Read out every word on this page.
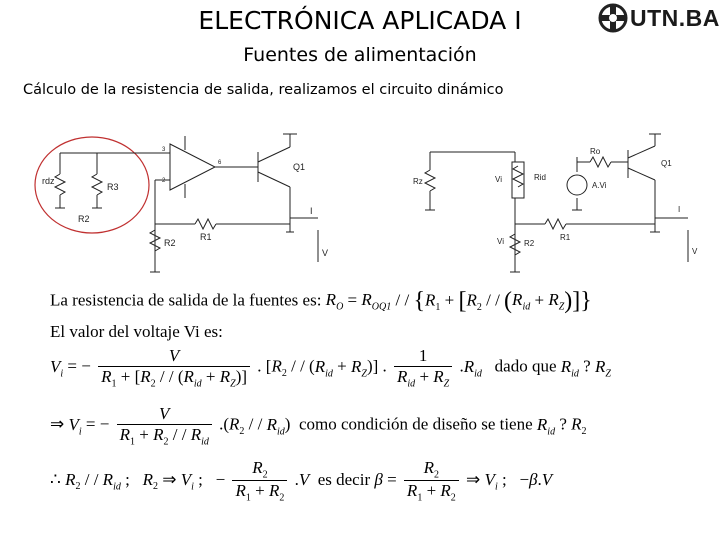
ELECTRÓNICA APLICADA I
Fuentes de alimentación
UTN.BA
Cálculo de la resistencia de salida, realizamos el circuito dinámico
rdz
R3
R2
R2
R1
Q1
I
V
3
2
6
Rz	Vi	Rid
Vi	R2
R1
Ro
A.Vi
Q1
I
V
La resistencia de salida de la fuentes es: $R_O = R_{OQ1}$ / / {$R_1 + [R_2$ / / $(R_{id} + R_Z)$]}
El valor del voltaje Vi es:
$V_i$ = − $\frac{V}{R_1 + [R_2 / / (R_{id} + R_Z)]}$ . [$R_2$ / / $(R_{id} + R_Z)$] . $\frac{1}{R_{id} + R_Z} .R_{id}$ dado que $R_{id}$ ? $R_Z$
⇒ $V_i$ = − $\frac{V}{R_1 + R_2 / / R_{id}} .(R_2$ / / $R_{id}$)  como condición de diseño se tiene $R_{id}$ ? $R_2$
∴ $R_2$ / / $R_{id}$ ;   $R_2$ ⇒ $V_i$ ;   − $\frac{R_2}{R_1 + R_2} .V$ es decir $\beta = \frac{R_2}{R_1 + R_2}$ ⇒ $V_i$ ;   −β.V
